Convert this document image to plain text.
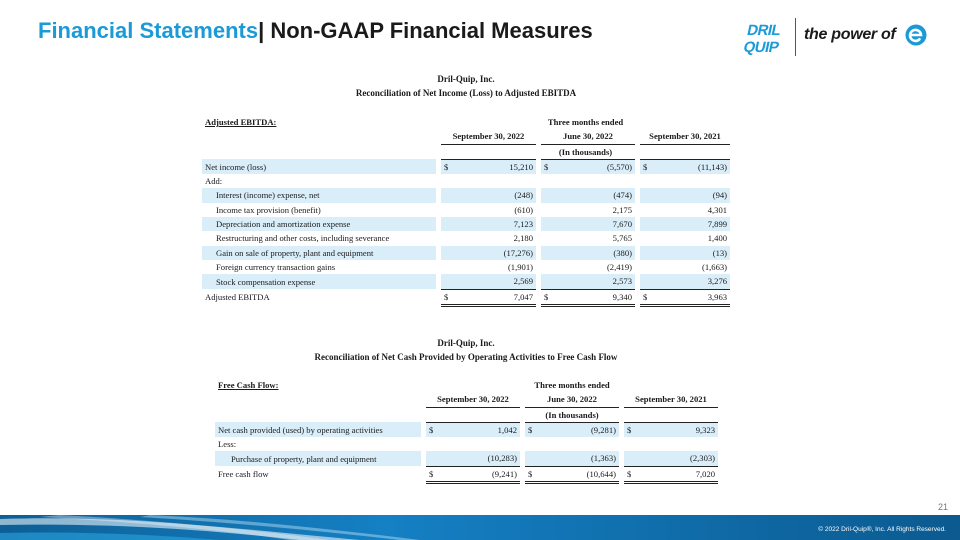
Financial Statements| Non-GAAP Financial Measures	DRIL
QUIP
the power of
Dril-Quip, Inc.
Reconciliation of Net Income (Loss) to Adjusted EBITDA
Adjusted EBITDA:		Three months ended							
		September 30, 2022			June 30, 2022			September 30, 2021	
		(In thousands)							
Net income (loss)		$	15,210		$	(5,570)		$	(11,143)
Add:									
Interest (income) expense, net			(248)			(474)			(94)
Income tax provision (benefit)			(610)			2,175			4,301
Depreciation and amortization expense			7,123			7,670			7,899
Restructuring and other costs, including severance			2,180			5,765			1,400
Gain on sale of property, plant and equipment			(17,276)			(380)			(13)
Foreign currency transaction gains			(1,901)			(2,419)			(1,663)
Stock compensation expense			2,569			2,573			3,276
Adjusted EBITDA		$	7,047		$	9,340		$	3,963
Dril-Quip, Inc.
Reconciliation of Net Cash Provided by Operating Activities to Free Cash Flow
Free Cash Flow:		Three months ended							
		September 30, 2022			June 30, 2022			September 30, 2021	
		(In thousands)							
Net cash provided (used) by operating activities		$	1,042		$	(9,281)		$	9,323
Less:									
Purchase of property, plant and equipment			(10,283)			(1,363)			(2,303)
Free cash flow		$	(9,241)		$	(10,644)		$	7,020
21
© 2022 Dril-Quip®, Inc. All Rights Reserved.
